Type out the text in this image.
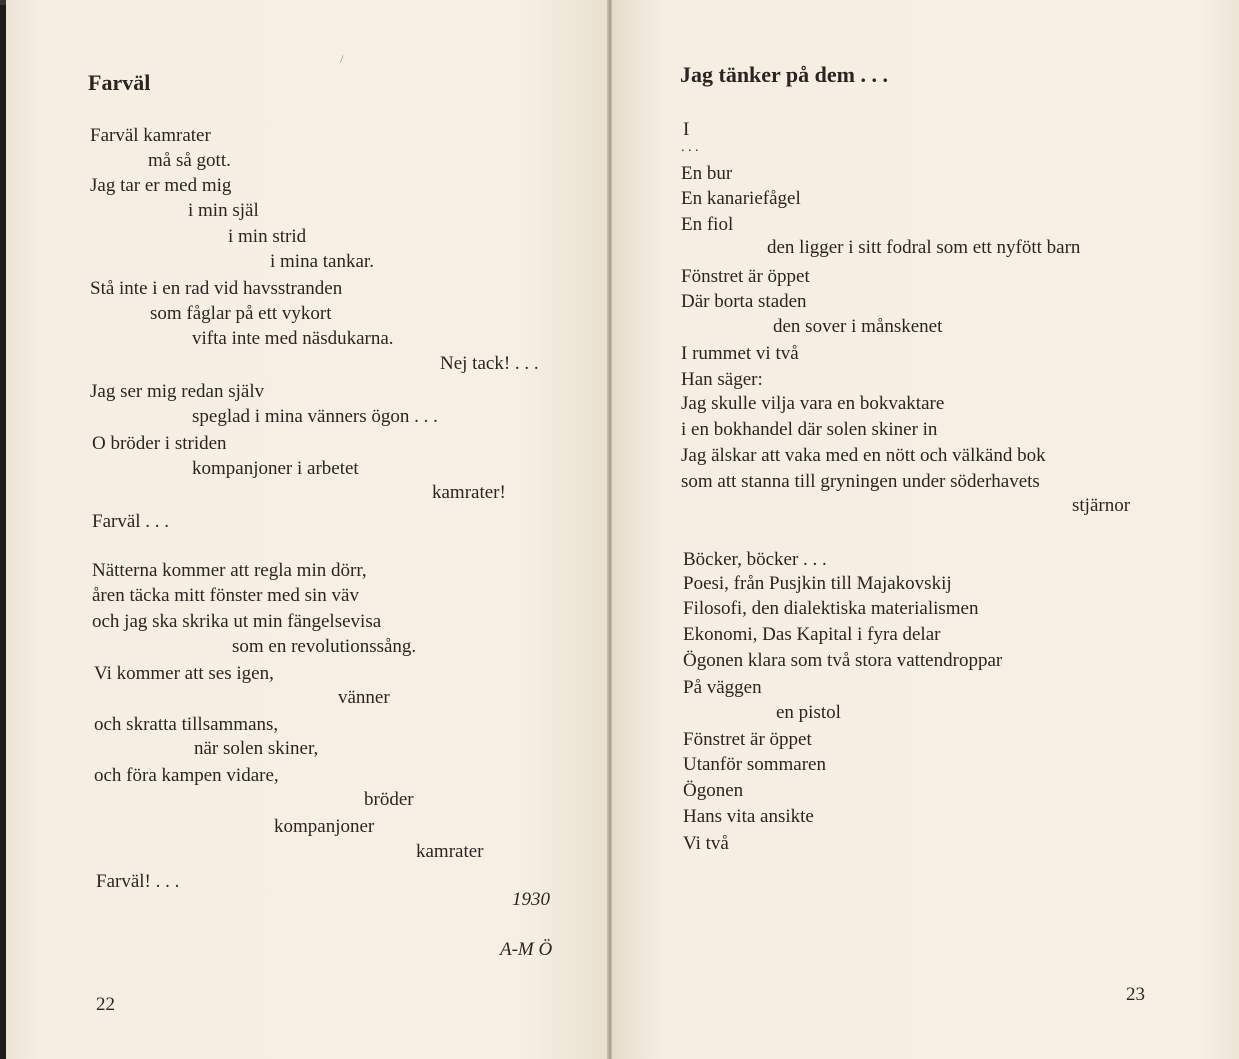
/
Farväl
Farväl kamrater
må så gott.
Jag tar er med mig
i min själ
i min strid
i mina tankar.
Stå inte i en rad vid havsstranden
som fåglar på ett vykort
vifta inte med näsdukarna.
Nej tack! . . .
Jag ser mig redan själv
speglad i mina vänners ögon . . .
O bröder i striden
kompanjoner i arbetet
kamrater!
Farväl . . .
Nätterna kommer att regla min dörr,
åren täcka mitt fönster med sin väv
och jag ska skrika ut min fängelsevisa
som en revolutionssång.
Vi kommer att ses igen,
vänner
och skratta tillsammans,
när solen skiner,
och föra kampen vidare,
bröder
kompanjoner
kamrater
Farväl! . . .
1930
A-M Ö
22
Jag tänker på dem . . .
I
. . .
En bur
En kanariefågel
En fiol
den ligger i sitt fodral som ett nyfött barn
Fönstret är öppet
Där borta staden
den sover i månskenet
I rummet vi två
Han säger:
Jag skulle vilja vara en bokvaktare
i en bokhandel där solen skiner in
Jag älskar att vaka med en nött och välkänd bok
som att stanna till gryningen under söderhavets
stjärnor
Böcker, böcker . . .
Poesi, från Pusjkin till Majakovskij
Filosofi, den dialektiska materialismen
Ekonomi, Das Kapital i fyra delar
Ögonen klara som två stora vattendroppar
På väggen
en pistol
Fönstret är öppet
Utanför sommaren
Ögonen
Hans vita ansikte
Vi två
23
